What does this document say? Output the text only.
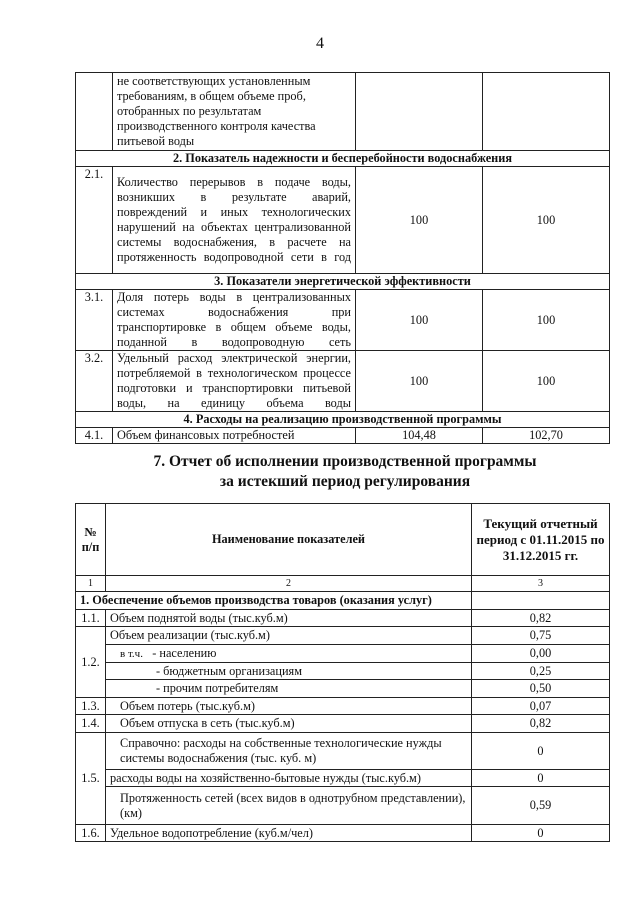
4
	не соответствующих установленным требованиям, в общем объеме проб, отобранных по результатам производственного контроля качества питьевой воды		
2. Показатель надежности и бесперебойности водоснабжения			
2.1.	Количество перерывов в подаче воды, возникших в результате аварий, повреждений и иных технологических нарушений на объектах централизованной системы водоснабжения, в расчете на протяженность водопроводной сети в год	100	100
3. Показатели энергетической эффективности			
3.1.	Доля потерь воды в централизованных системах водоснабжения при транспортировке в общем объеме воды, поданной в водопроводную сеть	100	100
3.2.	Удельный расход электрической энергии, потребляемой в технологическом процессе подготовки и транспортировки питьевой воды, на единицу объема воды	100	100
4. Расходы на реализацию производственной программы			
4.1.	Объем финансовых потребностей	104,48	102,70
7. Отчет об исполнении производственной программы
за истекший период регулирования
№ п/п	Наименование показателей	Текущий отчетный период с 01.11.2015 по 31.12.2015 гг.
1	2	3
1. Обеспечение объемов производства товаров (оказания услуг)		
1.1.	Объем поднятой воды (тыс.куб.м)	0,82
1.2.	Объем реализации (тыс.куб.м)	0,75
	в т.ч. - населению	0,00
	- бюджетным организациям	0,25
	- прочим потребителям	0,50
1.3.	Объем потерь (тыс.куб.м)	0,07
1.4.	Объем отпуска в сеть (тыс.куб.м)	0,82
1.5.	Справочно: расходы на собственные технологические нужды системы водоснабжения (тыс. куб. м)	0
	расходы воды на хозяйственно-бытовые нужды (тыс.куб.м)	0
	Протяженность сетей (всех видов в однотрубном представлении), (км)	0,59
1.6.	Удельное водопотребление (куб.м/чел)	0
